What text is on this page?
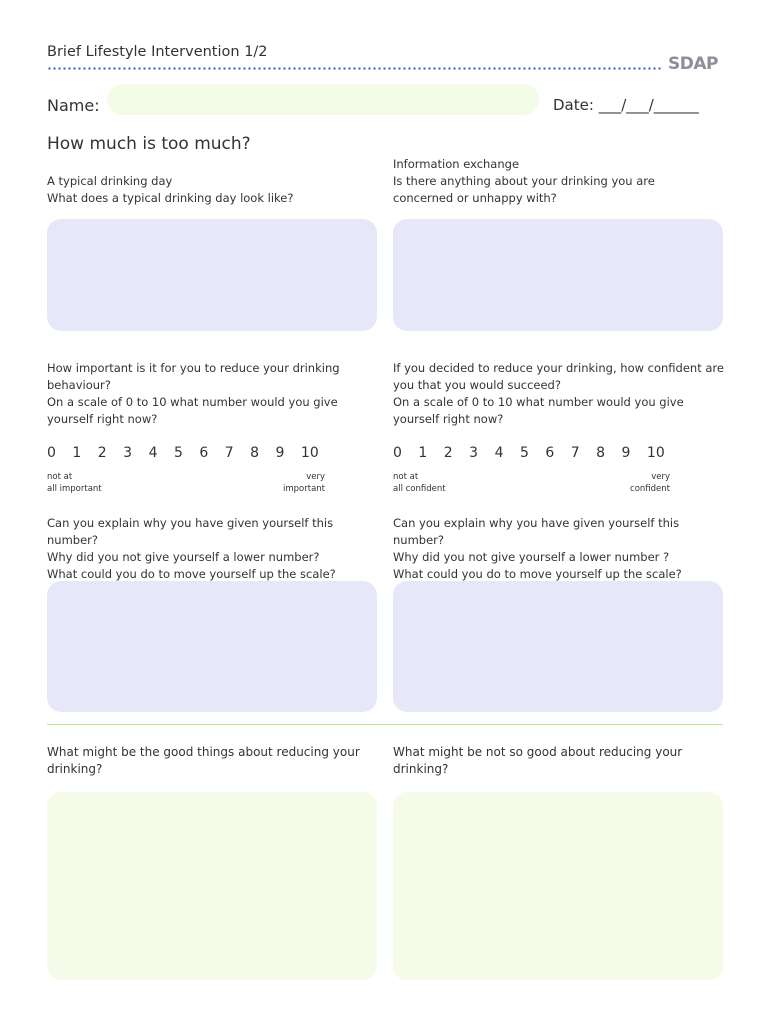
Brief Lifestyle Intervention 1/2
SDAP
Name:	Date: ___/___/______
How much is too much?
A typical drinking day
What does a typical drinking day look like?
Information exchange
Is there anything about your drinking you are
concerned or unhappy with?
How important is it for you to reduce your drinking
behaviour?
On a scale of 0 to 10 what number would you give
yourself right now?
0	1	2	3	4	5	6	7	8	9	10
not at
all important
very
important
If you decided to reduce your drinking, how confident are
you that you would succeed?
On a scale of 0 to 10 what number would you give
yourself right now?
0	1	2	3	4	5	6	7	8	9	10
not at
all confident
very
confident
Can you explain why you have given yourself this number?
Why did you not give yourself a lower number?
What could you do to move yourself up the scale?
Can you explain why you have given yourself this number?
Why did you not give yourself a lower number ?
What could you do to move yourself up the scale?
What might be the good things about reducing your
drinking?
What might be not so good about reducing your
drinking?
